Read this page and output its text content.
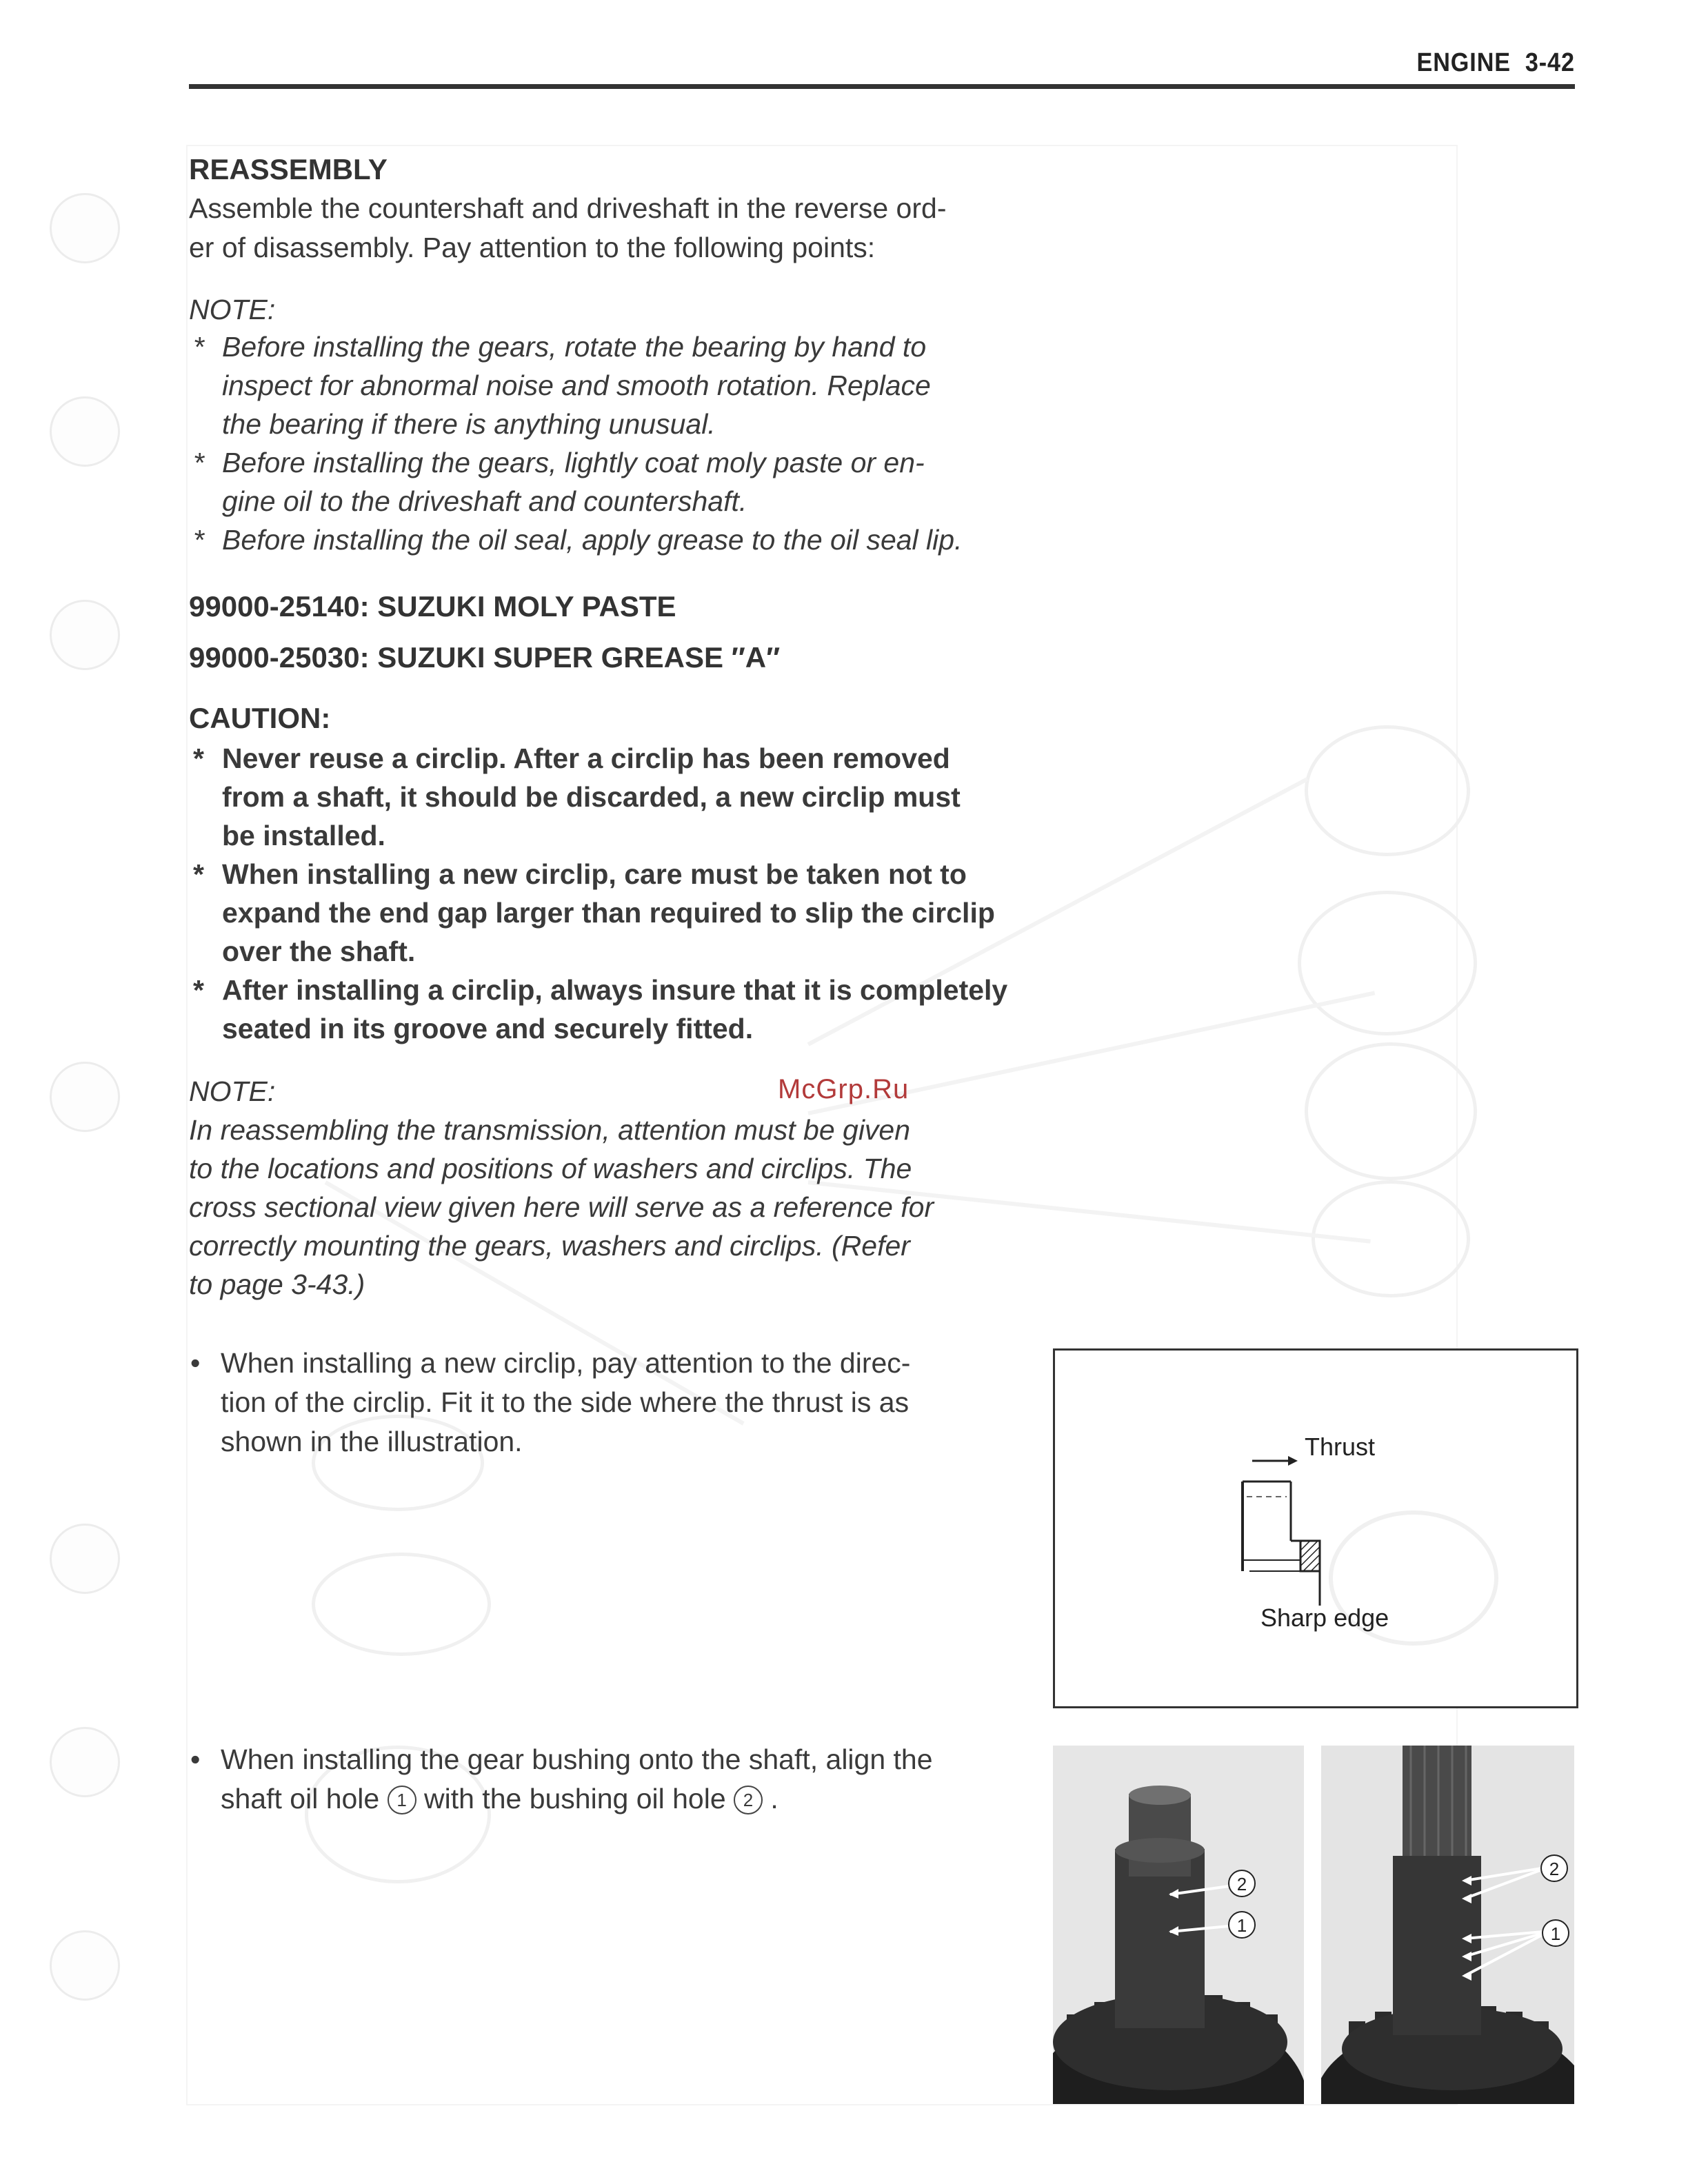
ENGINE 3-42
REASSEMBLY
Assemble the countershaft and driveshaft in the reverse ord-
er of disassembly. Pay attention to the following points:
NOTE:
* Before installing the gears, rotate the bearing by hand to
inspect for abnormal noise and smooth rotation. Replace
the bearing if there is anything unusual.
* Before installing the gears, lightly coat moly paste or en-
gine oil to the driveshaft and countershaft.
* Before installing the oil seal, apply grease to the oil seal lip.
99000-25140: SUZUKI MOLY PASTE
99000-25030: SUZUKI SUPER GREASE ′′A′′
CAUTION:
* Never reuse a circlip. After a circlip has been removed
from a shaft, it should be discarded, a new circlip must
be installed.
* When installing a new circlip, care must be taken not to
expand the end gap larger than required to slip the circlip
over the shaft.
* After installing a circlip, always insure that it is completely
seated in its groove and securely fitted.
NOTE:
In reassembling the transmission, attention must be given
to the locations and positions of washers and circlips. The
cross sectional view given here will serve as a reference for
correctly mounting the gears, washers and circlips. (Refer
to page 3-43.)
McGrp.Ru
• When installing a new circlip, pay attention to the direc-
tion of the circlip. Fit it to the side where the thrust is as
shown in the illustration.	Thrust
Sharp edge
• When installing the gear bushing onto the shaft, align the
shaft oil hole 1 with the bushing oil hole 2 .
2
1
2
1
